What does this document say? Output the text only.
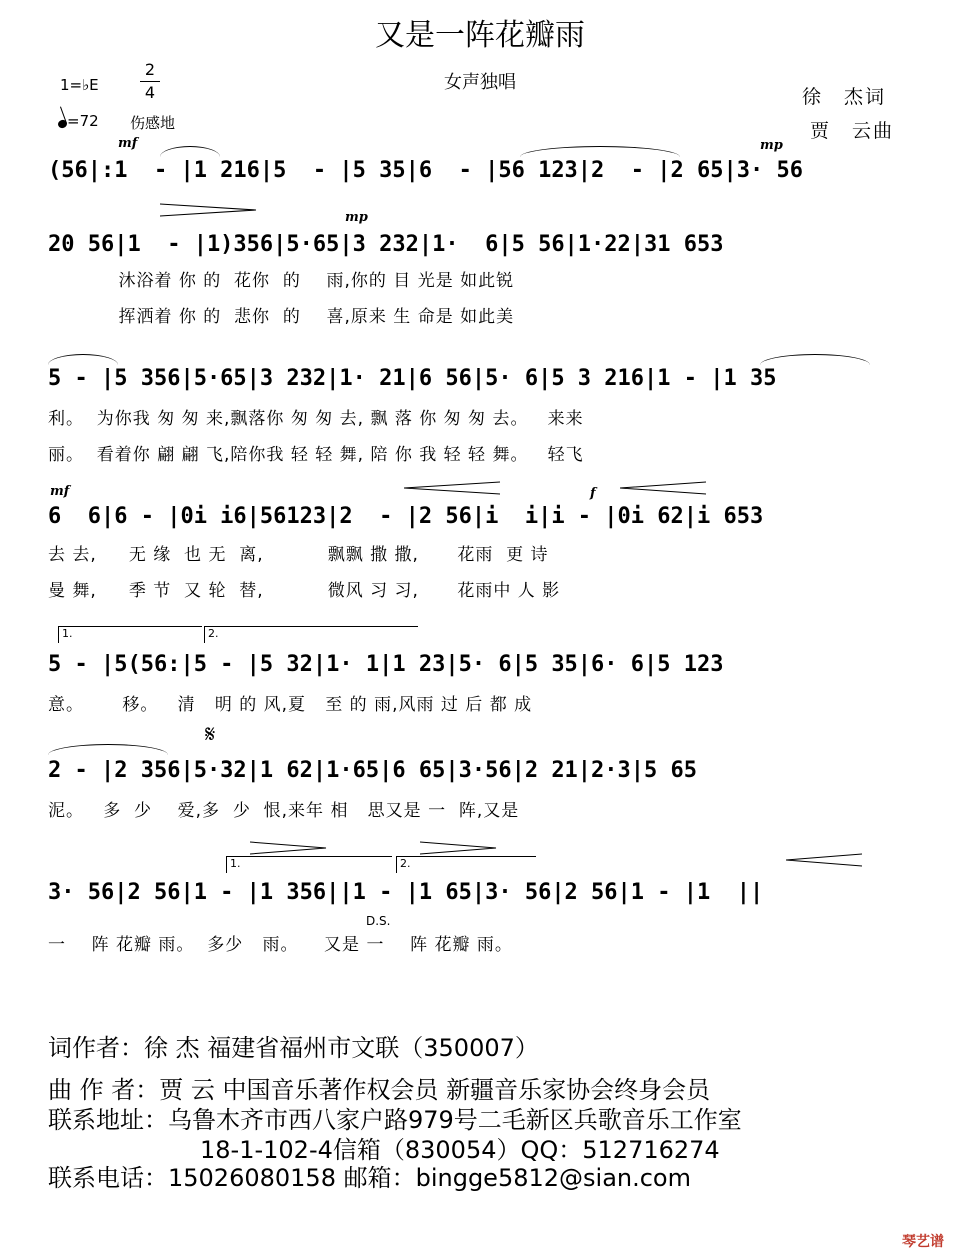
又是一阵花瓣雨
女声独唱
1=♭E
2
4
=72 伤感地
徐　杰词
贾　云曲
mf	mp
mp
mf	f
(56|:1  - |1 216|5  - |5 35|6  - |56 123|2  - |2 65|3· 56
20 56|1  - |1)356|5·65|3 232|1·  6|5 56|1·22|31 653
沐浴着 你 的  花你  的    雨,你的 目 光是 如此锐
挥洒着 你 的  悲你  的    喜,原来 生 命是 如此美
5 - |5 356|5·65|3 232|1· 21|6 56|5· 6|5 3 216|1 - |1 35
利。  为你我 匆 匆 来,飘落你 匆 匆 去, 飘 落 你 匆 匆 去。   来来
丽。  看着你 翩 翩 飞,陪你我 轻 轻 舞, 陪 你 我 轻 轻 舞。   轻飞
6  6|6 - |0i i6|56123|2  - |2 56|i  i|i - |0i 62|i 653
去 去,     无 缘  也 无  离,          飘飘 撒 撒,      花雨  更 诗
曼 舞,     季 节  又 轮  替,          微风 习 习,      花雨中 人 影
1.	2.
5 - |5(56:|5 - |5 32|1· 1|1 23|5· 6|5 35|6· 6|5 123
意。      移。   清   明 的 风,夏   至 的 雨,风雨 过 后 都 成
𝄋
2 - |2 356|5·32|1 62|1·65|6 65|3·56|2 21|2·3|5 65
泥。   多  少    爱,多  少  恨,来年 相   思又是 一  阵,又是
1.	2.
3· 56|2 56|1 - |1 356||1 - |1 65|3· 56|2 56|1 - |1  ||
D.S.
一    阵 花瓣 雨。  多少   雨。    又是 一    阵 花瓣 雨。
词作者：徐 杰 福建省福州市文联（350007）
曲 作 者：贾 云 中国音乐著作权会员 新疆音乐家协会终身会员
联系地址：乌鲁木齐市西八家户路979号二毛新区兵歌音乐工作室
18-1-102-4信箱（830054）QQ：512716274
联系电话：15026080158 邮箱：bingge5812@sian.com
琴艺谱
